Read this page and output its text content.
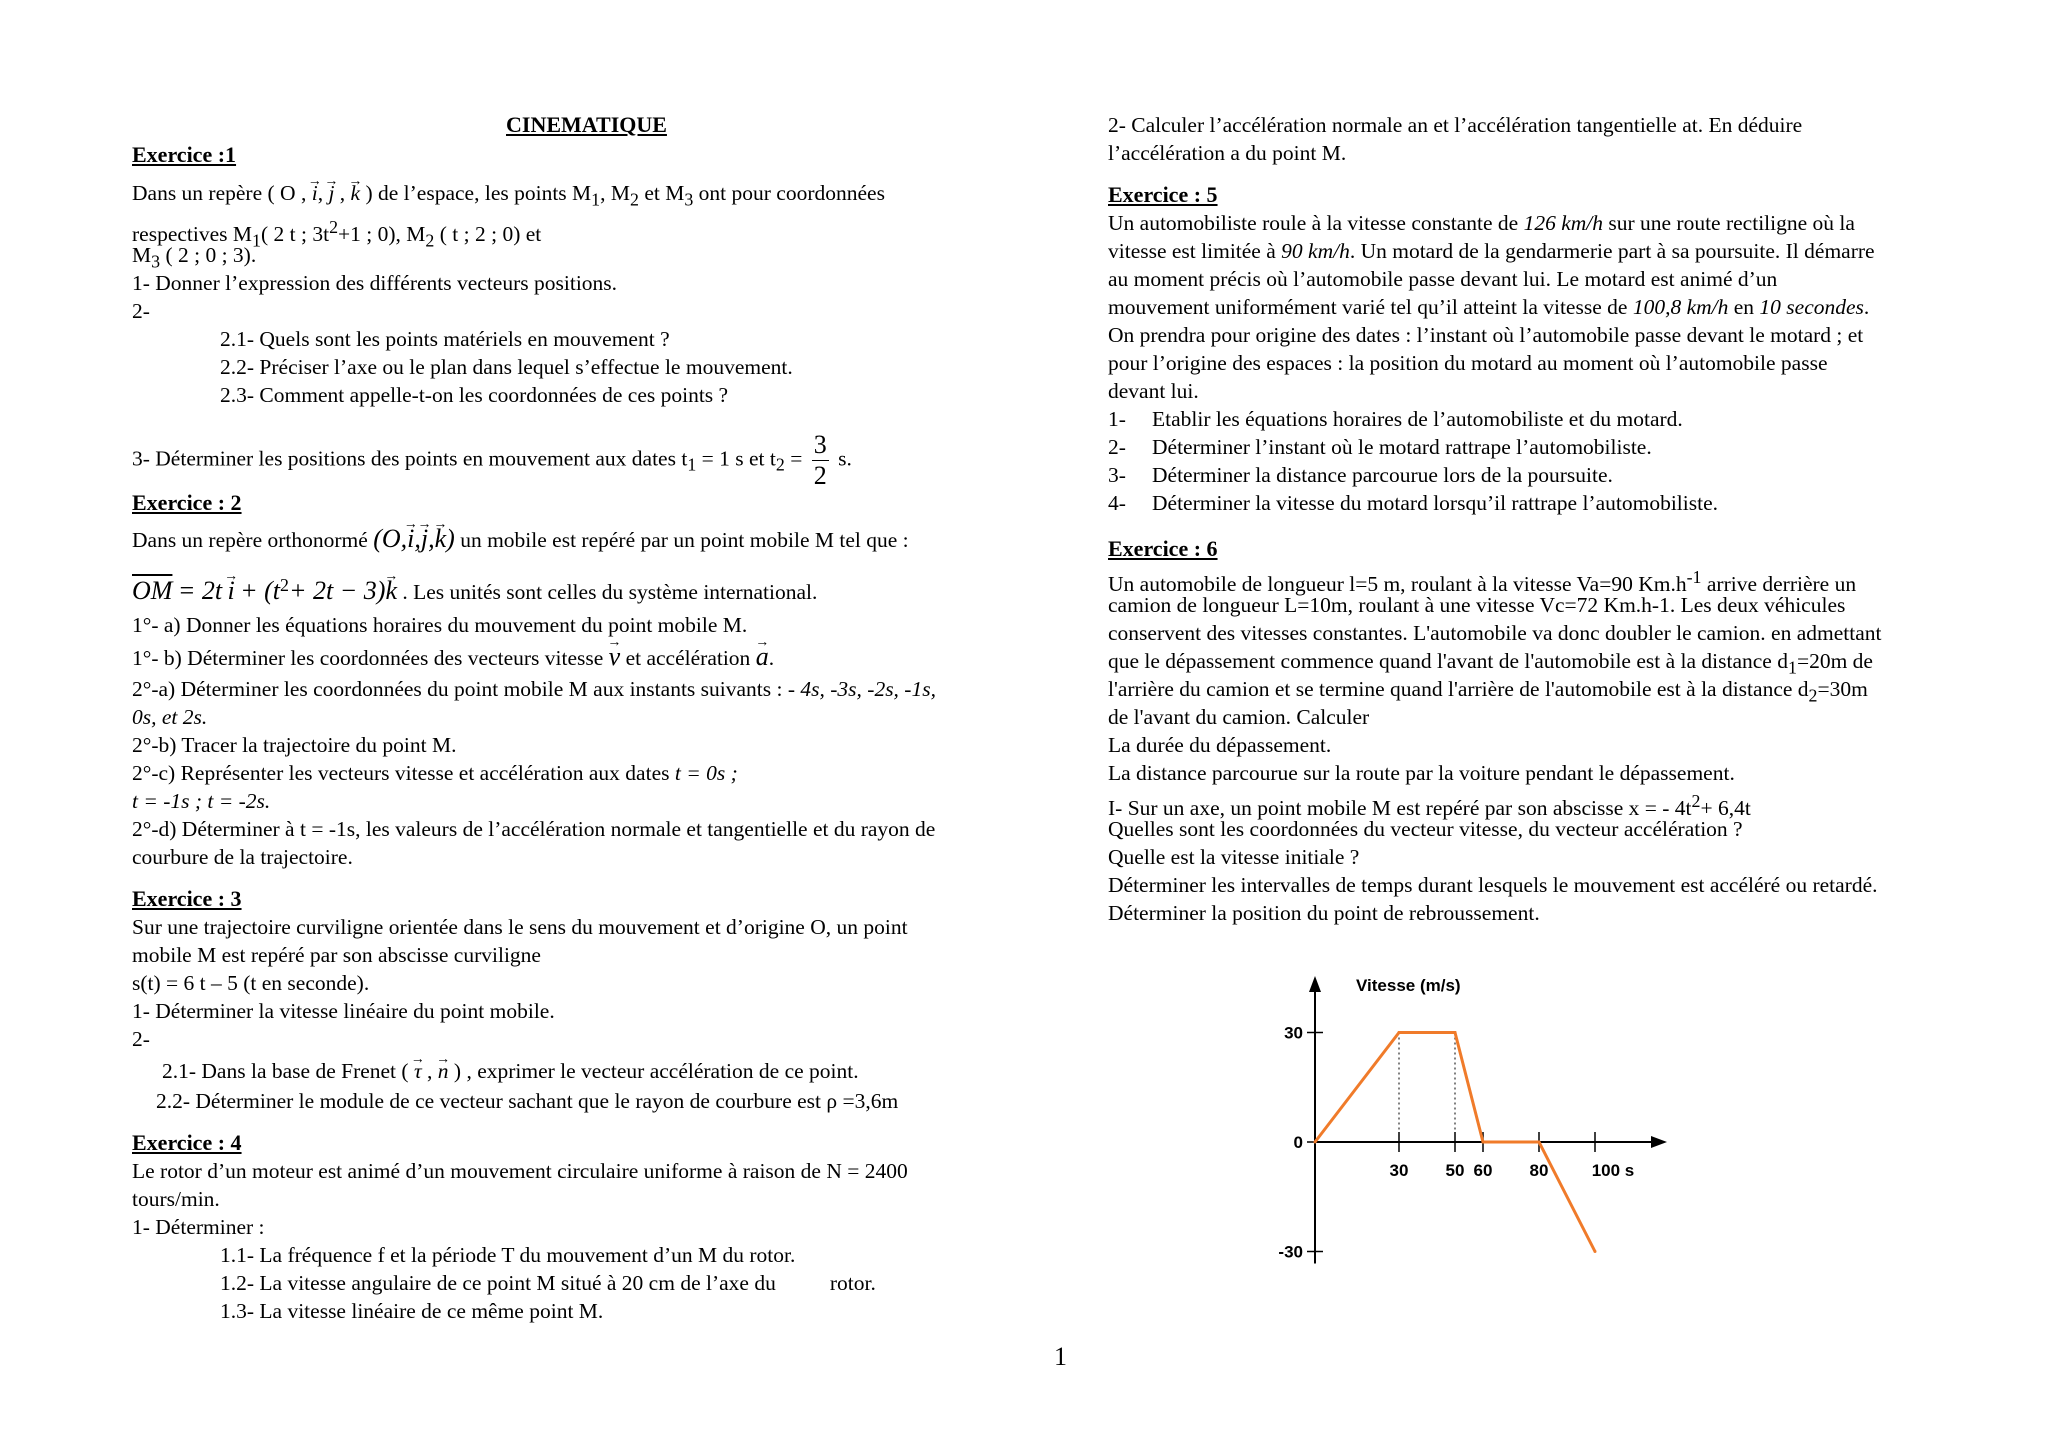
CINEMATIQUE
Exercice :1
Dans un repère ( O , → i, → j , → k ) de l’espace, les points $M_1$, $M_2$ et $M_3$ ont pour coordonnées
respectives $M_1$( 2 t ; $3t^2+1$ ; 0), $M_2$ ( t ; 2 ; 0) et
$M_3$ ( 2 ; 0 ; 3).
1- Donner l’expression des différents vecteurs positions.
2-
2.1- Quels sont les points matériels en mouvement ?
2.2- Préciser l’axe ou le plan dans lequel s’effectue le mouvement.
2.3- Comment appelle-t-on les coordonnées de ces points ?
3- Déterminer les positions des points en mouvement aux dates $t_1 = 1$ s et $t_2 = \frac{3}{2} s$.
Exercice : 2
Dans un repère orthonormé (O,→ i,→ j,→ k) un mobile est repéré par un point mobile M tel que :
$\overline{OM} = 2t \to i + (t^2+ 2t - 3)\to k$ . Les unités sont celles du système international.
1°- a) Donner les équations horaires du mouvement du point mobile M.
1°- b) Déterminer les coordonnées des vecteurs vitesse → v et accélération → a.
2°-a) Déterminer les coordonnées du point mobile M aux instants suivants : - 4s, -3s, -2s, -1s,
0s, et 2s.
2°-b) Tracer la trajectoire du point M.
2°-c) Représenter les vecteurs vitesse et accélération aux dates t = 0s ;
t = -1s ; t = -2s.
2°-d) Déterminer à t = -1s, les valeurs de l’accélération normale et tangentielle et du rayon de
courbure de la trajectoire.
Exercice : 3
Sur une trajectoire curviligne orientée dans le sens du mouvement et d’origine O, un point
mobile M est repéré par son abscisse curviligne
s(t) = 6 t – 5 (t en seconde).
1- Déterminer la vitesse linéaire du point mobile.
2-
2.1- Dans la base de Frenet ( → τ , → n ) , exprimer le vecteur accélération de ce point.
2.2- Déterminer le module de ce vecteur sachant que le rayon de courbure est ρ =3,6m
Exercice : 4
Le rotor d’un moteur est animé d’un mouvement circulaire uniforme à raison de N = 2400
tours/min.
1- Déterminer :
1.1- La fréquence f et la période T du mouvement d’un M du rotor.
1.2- La vitesse angulaire de ce point M situé à 20 cm de l’axe du	rotor.
1.3- La vitesse linéaire de ce même point M.
2- Calculer l’accélération normale an et l’accélération tangentielle at. En déduire
l’accélération a du point M.
Exercice : 5
Un automobiliste roule à la vitesse constante de 126 km/h sur une route rectiligne où la
vitesse est limitée à 90 km/h. Un motard de la gendarmerie part à sa poursuite. Il démarre
au moment précis où l’automobile passe devant lui. Le motard est animé d’un
mouvement uniformément varié tel qu’il atteint la vitesse de 100,8 km/h en 10 secondes.
On prendra pour origine des dates : l’instant où l’automobile passe devant le motard ; et
pour l’origine des espaces : la position du motard au moment où l’automobile passe
devant lui.
1- Etablir les équations horaires de l’automobiliste et du motard.
2- Déterminer l’instant où le motard rattrape l’automobiliste.
3- Déterminer la distance parcourue lors de la poursuite.
4- Déterminer la vitesse du motard lorsqu’il rattrape l’automobiliste.
Exercice : 6
Un automobile de longueur l=5 m, roulant à la vitesse Va=90 $Km.h^{-1}$ arrive derrière un
camion de longueur L=10m, roulant à une vitesse Vc=72 Km.h-1. Les deux véhicules
conservent des vitesses constantes. L'automobile va donc doubler le camion. en admettant
que le dépassement commence quand l'avant de l'automobile est à la distance $d_1=20m$ de
l'arrière du camion et se termine quand l'arrière de l'automobile est à la distance $d_2=30m$
de l'avant du camion. Calculer
La durée du dépassement.
La distance parcourue sur la route par la voiture pendant le dépassement.
I- Sur un axe, un point mobile M est repéré par son abscisse x = - $4t^2+ 6,4t$
Quelles sont les coordonnées du vecteur vitesse, du vecteur accélération ?
Quelle est la vitesse initiale ?
Déterminer les intervalles de temps durant lesquels le mouvement est accéléré ou retardé.
Déterminer la position du point de rebroussement.
30
0
-30
30 50 60 80	100 s
Vitesse (m/s)
1
